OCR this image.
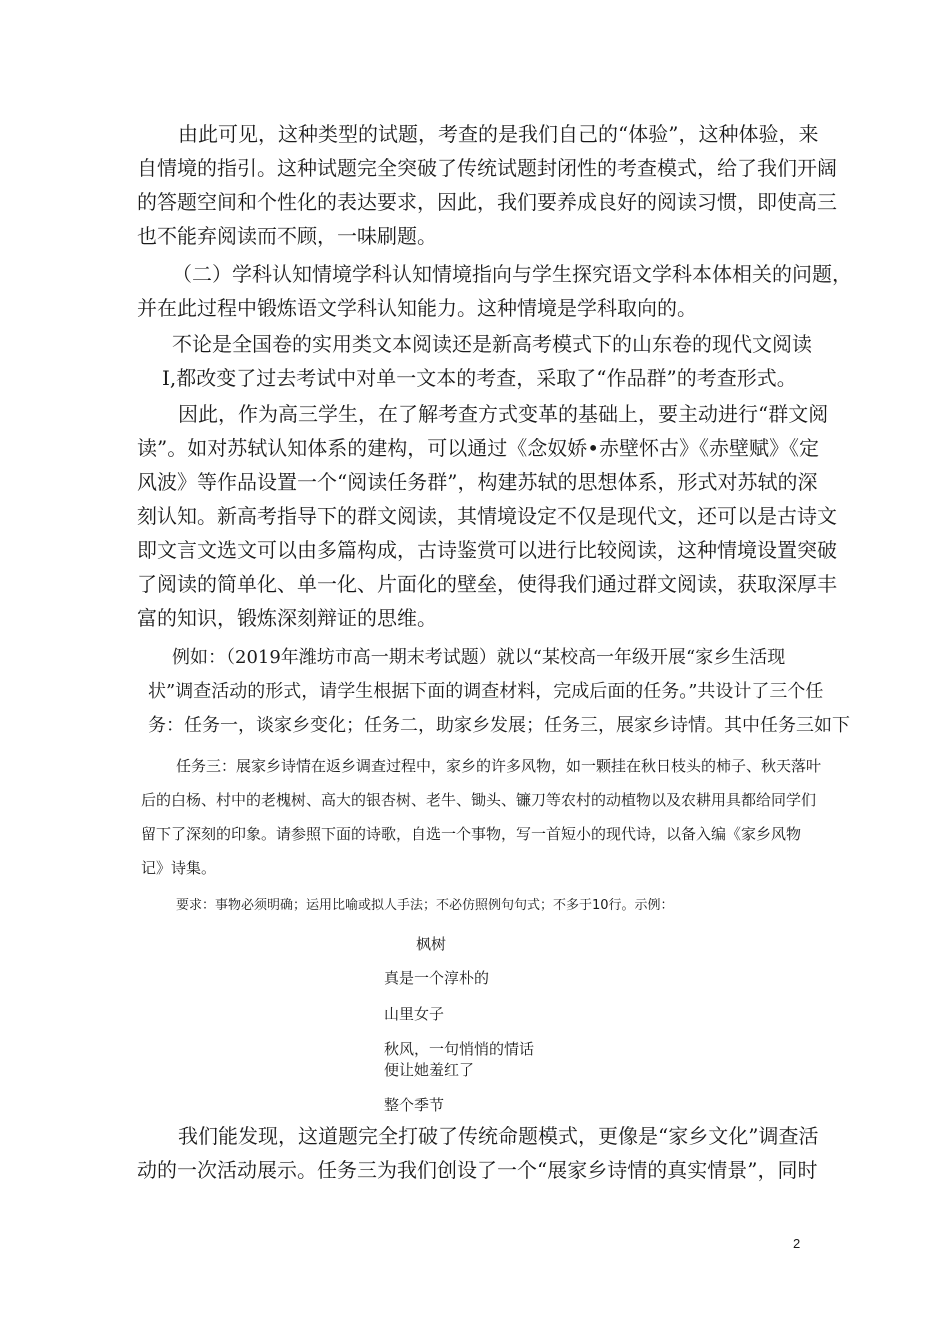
由此可见，这种类型的试题，考查的是我们自己的“体验”，这种体验，来
自情境的指引。这种试题完全突破了传统试题封闭性的考查模式，给了我们开阔
的答题空间和个性化的表达要求，因此，我们要养成良好的阅读习惯，即使高三
也不能弃阅读而不顾，一味刷题。
（二）学科认知情境学科认知情境指向与学生探究语文学科本体相关的问题，
并在此过程中锻炼语文学科认知能力。这种情境是学科取向的。
不论是全国卷的实用类文本阅读还是新高考模式下的山东卷的现代文阅读
I,都改变了过去考试中对单一文本的考查，采取了“作品群”的考查形式。
因此，作为高三学生，在了解考查方式变革的基础上，要主动进行“群文阅
读”。如对苏轼认知体系的建构，可以通过《念奴娇•赤壁怀古》《赤壁赋》《定
风波》等作品设置一个“阅读任务群”，构建苏轼的思想体系，形式对苏轼的深
刻认知。新高考指导下的群文阅读，其情境设定不仅是现代文，还可以是古诗文
即文言文选文可以由多篇构成，古诗鉴赏可以进行比较阅读，这种情境设置突破
了阅读的简单化、单一化、片面化的壁垒，使得我们通过群文阅读，获取深厚丰
富的知识，锻炼深刻辩证的思维。
例如：（2019年潍坊市高一期末考试题）就以“某校高一年级开展“家乡生活现
状”调查活动的形式，请学生根据下面的调查材料，完成后面的任务。”共设计了三个任
务：任务一，谈家乡变化；任务二，助家乡发展；任务三，展家乡诗情。其中任务三如下
任务三：展家乡诗情在返乡调查过程中，家乡的许多风物，如一颗挂在秋日枝头的柿子、秋天落叶
后的白杨、村中的老槐树、高大的银杏树、老牛、锄头、镰刀等农村的动植物以及农耕用具都给同学们
留下了深刻的印象。请参照下面的诗歌，自选一个事物，写一首短小的现代诗，以备入编《家乡风物
记》诗集。
要求：事物必须明确；运用比喻或拟人手法；不必仿照例句句式；不多于10行。示例：
枫树
真是一个淳朴的
山里女子
秋风，一句悄悄的情话
便让她羞红了
整个季节
我们能发现，这道题完全打破了传统命题模式，更像是“家乡文化”调查活
动的一次活动展示。任务三为我们创设了一个“展家乡诗情的真实情景”，同时
2
